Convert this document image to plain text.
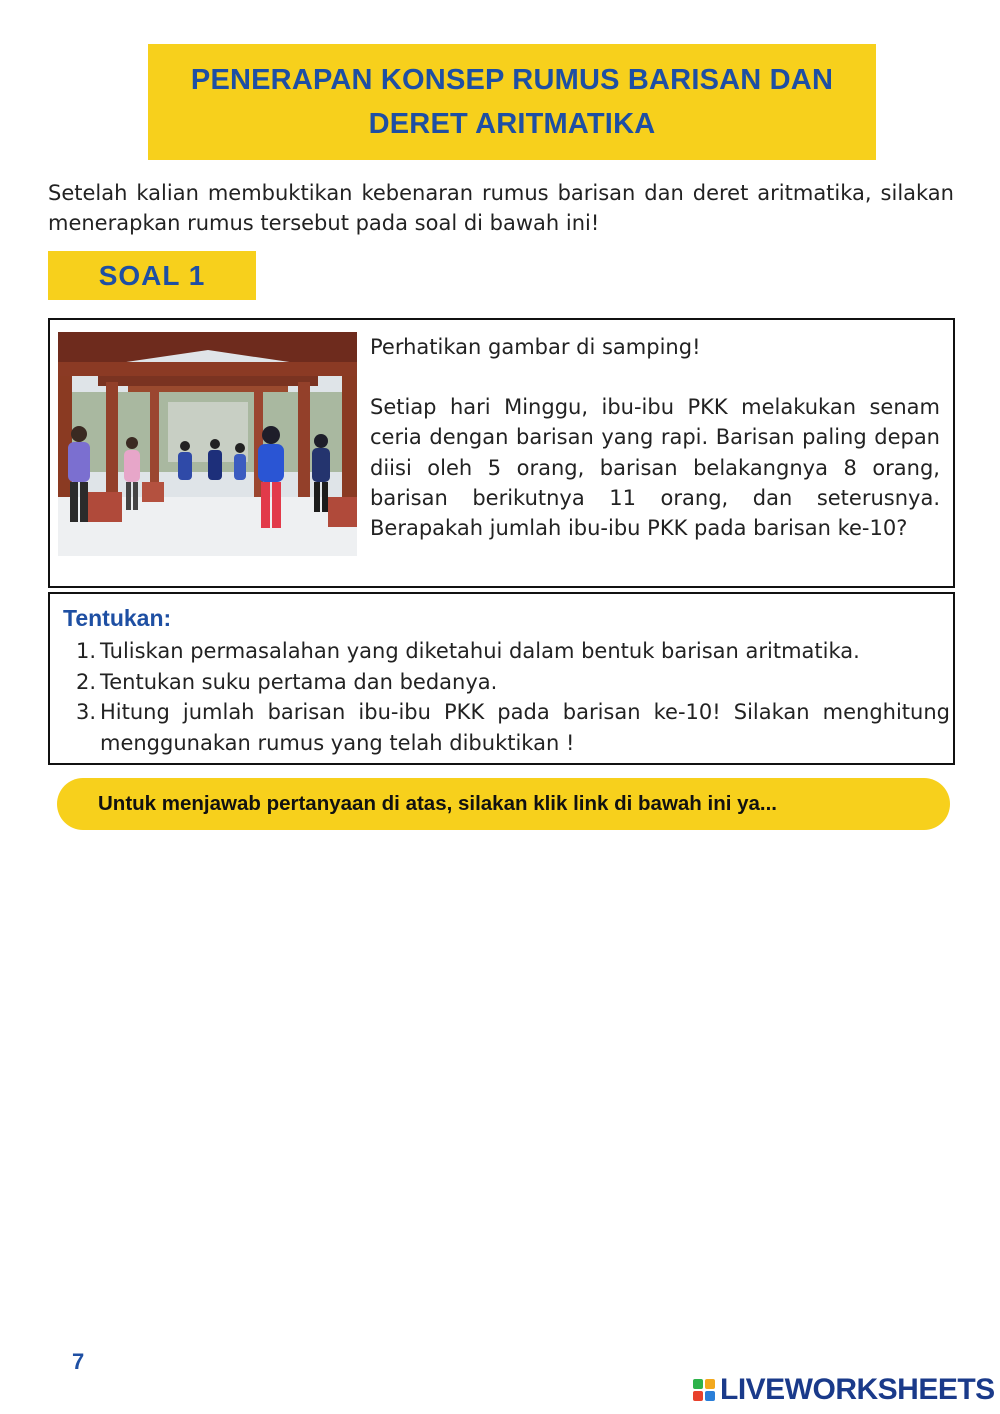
PENERAPAN KONSEP RUMUS BARISAN DAN
DERET ARITMATIKA

Setelah kalian membuktikan kebenaran rumus barisan dan deret aritmatika, silakan menerapkan rumus tersebut pada soal di bawah ini!

SOAL 1

Perhatikan gambar di samping!

Setiap hari Minggu, ibu-ibu PKK melakukan senam ceria dengan barisan yang rapi. Barisan paling depan diisi oleh 5 orang, barisan belakangnya 8 orang, barisan berikutnya 11 orang, dan seterusnya. Berapakah jumlah ibu-ibu PKK pada barisan ke-10?

Tentukan:
1. Tuliskan permasalahan yang diketahui dalam bentuk barisan aritmatika.
2. Tentukan suku pertama dan bedanya.
3. Hitung jumlah barisan ibu-ibu PKK pada barisan ke-10! Silakan menghitung menggunakan rumus yang telah dibuktikan !
Untuk menjawab pertanyaan di atas, silakan klik link di bawah ini ya...
7
LIVEWORKSHEETS
